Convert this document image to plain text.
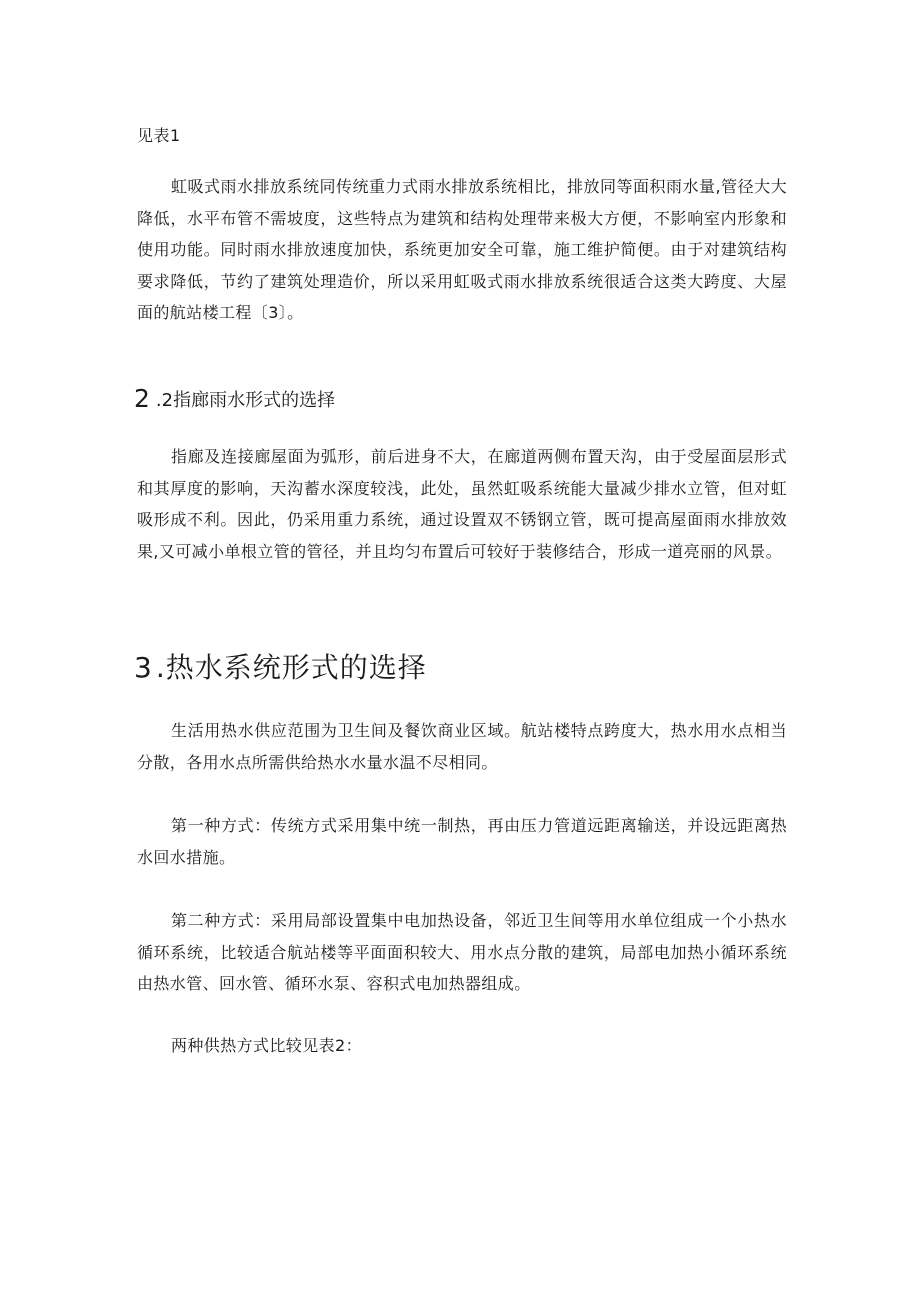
见表1

虹吸式雨水排放系统同传统重力式雨水排放系统相比，排放同等面积雨水量,管径大大降低，水平布管不需坡度，这些特点为建筑和结构处理带来极大方便，不影响室内形象和使用功能。同时雨水排放速度加快，系统更加安全可靠，施工维护简便。由于对建筑结构要求降低，节约了建筑处理造价，所以采用虹吸式雨水排放系统很适合这类大跨度、大屋面的航站楼工程〔3〕。

2.2指廊雨水形式的选择

指廊及连接廊屋面为弧形，前后进身不大，在廊道两侧布置天沟，由于受屋面层形式和其厚度的影响，天沟蓄水深度较浅，此处，虽然虹吸系统能大量减少排水立管，但对虹吸形成不利。因此，仍采用重力系统，通过设置双不锈钢立管，既可提高屋面雨水排放效果,又可减小单根立管的管径，并且均匀布置后可较好于装修结合，形成一道亮丽的风景。

3.热水系统形式的选择

生活用热水供应范围为卫生间及餐饮商业区域。航站楼特点跨度大，热水用水点相当分散，各用水点所需供给热水水量水温不尽相同。

第一种方式：传统方式采用集中统一制热，再由压力管道远距离输送，并设远距离热水回水措施。

第二种方式：采用局部设置集中电加热设备，邻近卫生间等用水单位组成一个小热水循环系统，比较适合航站楼等平面面积较大、用水点分散的建筑，局部电加热小循环系统由热水管、回水管、循环水泵、容积式电加热器组成。

两种供热方式比较见表2：
